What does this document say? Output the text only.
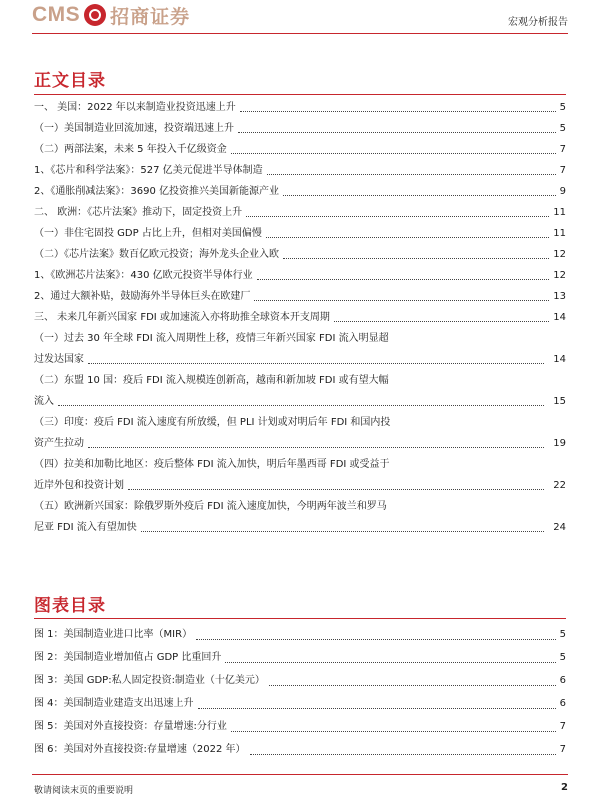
CMS 招商证券	宏观分析报告
正文目录
一、 美国：2022 年以来制造业投资迅速上升	5
（一）美国制造业回流加速，投资端迅速上升	5
（二）两部法案，未来 5 年投入千亿级资金	7
1、《芯片和科学法案》：527 亿美元促进半导体制造	7
2、《通胀削减法案》：3690 亿投资推兴美国新能源产业	9
二、 欧洲：《芯片法案》推动下，固定投资上升	11
（一）非住宅固投 GDP 占比上升，但相对美国偏慢	11
（二）《芯片法案》数百亿欧元投资；海外龙头企业入欧	12
1、《欧洲芯片法案》：430 亿欧元投资半导体行业	12
2、通过大额补贴，鼓励海外半导体巨头在欧建厂	13
三、 未来几年新兴国家 FDI 或加速流入亦将助推全球资本开支周期	14
（一）过去 30 年全球 FDI 流入周期性上移，疫情三年新兴国家 FDI 流入明显超
过发达国家	14
（二）东盟 10 国：疫后 FDI 流入规模连创新高，越南和新加坡 FDI 或有望大幅
流入	15
（三）印度：疫后 FDI 流入速度有所放缓，但 PLI 计划或对明后年 FDI 和国内投
资产生拉动	19
（四）拉美和加勒比地区：疫后整体 FDI 流入加快，明后年墨西哥 FDI 或受益于
近岸外包和投资计划	22
（五）欧洲新兴国家：除俄罗斯外疫后 FDI 流入速度加快，今明两年波兰和罗马
尼亚 FDI 流入有望加快	24
图表目录
图 1：美国制造业进口比率（MIR）	5
图 2：美国制造业增加值占 GDP 比重回升	5
图 3：美国 GDP:私人固定投资:制造业（十亿美元）	6
图 4：美国制造业建造支出迅速上升	6
图 5：美国对外直接投资：存量增速:分行业	7
图 6：美国对外直接投资:存量增速（2022 年）	7
敬请阅读末页的重要说明	2
